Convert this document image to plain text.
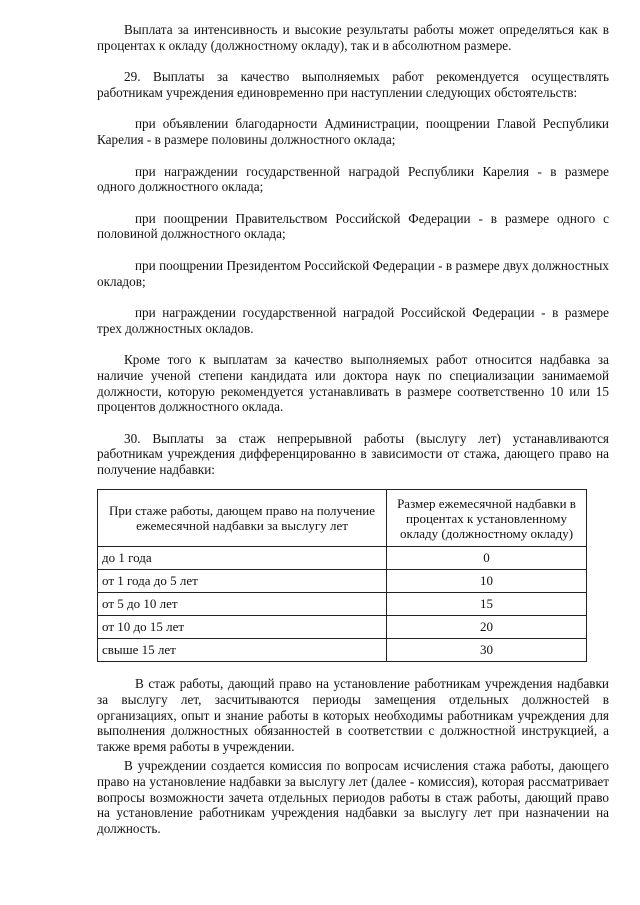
Выплата за интенсивность и высокие результаты работы может определяться как в процентах к окладу (должностному окладу), так и в абсолютном размере.

29. Выплаты за качество выполняемых работ рекомендуется осуществлять работникам учреждения единовременно при наступлении следующих обстоятельств:

при объявлении благодарности Администрации, поощрении Главой Республики Карелия - в размере половины должностного оклада;

при награждении государственной наградой Республики Карелия - в размере одного должностного оклада;

при поощрении Правительством Российской Федерации - в размере одного с половиной должностного оклада;

при поощрении Президентом Российской Федерации - в размере двух должностных окладов;

при награждении государственной наградой Российской Федерации - в размере трех должностных окладов.

Кроме того к выплатам за качество выполняемых работ относится надбавка за наличие ученой степени кандидата или доктора наук по специализации занимаемой должности, которую рекомендуется устанавливать в размере соответственно 10 или 15 процентов должностного оклада.

30. Выплаты за стаж непрерывной работы (выслугу лет) устанавливаются работникам учреждения дифференцированно в зависимости от стажа, дающего право на получение надбавки:

При стаже работы, дающем право на получение ежемесячной надбавки за выслугу лет	Размер ежемесячной надбавки в процентах к установленному окладу (должностному окладу)
до 1 года	0
от 1 года до 5 лет	10
от 5 до 10 лет	15
от 10 до 15 лет	20
свыше 15 лет	30

В стаж работы, дающий право на установление работникам учреждения надбавки за выслугу лет, засчитываются периоды замещения отдельных должностей в организациях, опыт и знание работы в которых необходимы работникам учреждения для выполнения должностных обязанностей в соответствии с должностной инструкцией, а также время работы в учреждении.

В учреждении создается комиссия по вопросам исчисления стажа работы, дающего право на установление надбавки за выслугу лет (далее - комиссия), которая рассматривает вопросы возможности зачета отдельных периодов работы в стаж работы, дающий право на установление работникам учреждения надбавки за выслугу лет при назначении на должность.
